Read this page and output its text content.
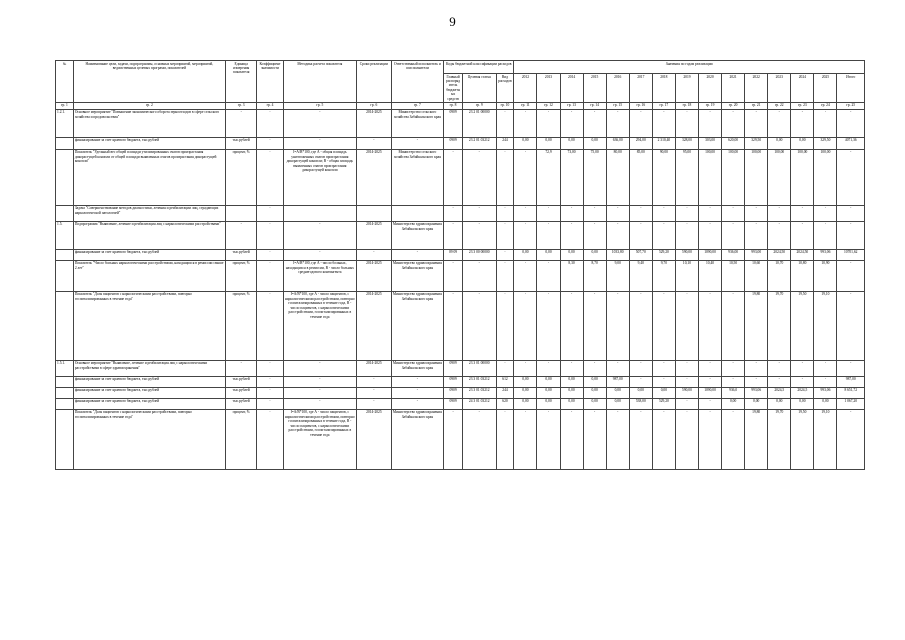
9
№	Наименование цели, задачи, подпрограммы, основных мероприятий, мероприятий, ведомственных целевых программ, показателей	Единица измерения показателя	Коэффициент значимости	Методика расчета показателя	Сроки реализации	Ответственный исполнитель и соисполнители	Коды бюджетной классификации расходов			Значения по годам реализации														
							Главный распорядитель бюджетных средств	Целевая статья	Вид расходов	2012	2013	2014	2015	2016	2017	2018	2019	2020	2021	2022	2023	2024	2025	Итого
гр. 1	гр. 2	гр. 3	гр. 4	гр. 5	гр. 6	гр. 7	гр. 8	гр. 9	гр. 10	гр. 11	гр. 12	гр. 13	гр. 14	гр. 15	гр. 16	гр. 17	гр. 18	гр. 19	гр. 20	гр. 21	гр. 22	гр. 23	гр. 24	гр. 25
1.2.1.	Основное мероприятие "Повышение экономического оборота зерноотходов в сфере сельского хозяйства и продовольствия"	-	-	-	2014-2025	Министерство сельского хозяйства Забайкальского края	0909	23 2 01 00000	-	-	-	-	-	-	-	-	-	-	-	-	-	-	-	-
	финансирование за счет краевого бюджета, тыс.рублей	тыс.рублей	-	-	-	-	0909	23 2 01 03212	244	0,00	0,00	0,00	0,00	636,00	294,00	2 310,40	328,00	303,00	620,00	329,50	0,00	0,00	329,50	4071,36
	Показатель "Удельный вес общей площади утилизированных очагов произрастания дикорастущей конопли от общей площади выявленных очагов произрастания дикорастущей конопли"	процент, %	-	I=А/В*100, где А - общая площадь уничтоженных очагов произрастания дикорастущей конопли; В - общая площадь выявленных очагов произрастания дикорастущей конопли	2014-2025	Министерство сельского хозяйства Забайкальского края	-	-	-	-	72,9	73,00	75,00	80,00	85,00	90,00	95,00	100,00	100,00	100,00	100,00	100,00	100,00	-
	Задача "Совершенствование методов диагностики, лечения и реабилитации лиц, страдающих наркологической патологией"		-				-	-	-	-	-	-	-	-	-	-	-	-	-	-	-	-	-	-
1.5.	Подпрограмма "Выявление, лечение и реабилитация лиц с наркологическими расстройствами"	-	-	-	2014-2025	Министерство здравоохранения Забайкальского края	-	-	-	-	-	-	-	-	-	-	-	-	-	-	-	-	-	-
	финансирование за счет краевого бюджета, тыс.рублей	тыс.рублей	-	-	-	-	09 09	23 3 00 00000	-	0,00	0,00	0,00	0,00	1033,80	507,70	529,20	590,00	1090,00	936,00	993,00	2024,50	2024,50	993,06	10701,62
	Показатель "Число больных наркологическими расстройствами, находящихся в ремиссии свыше 2 лет"	процент, %	-	I=А/В*100, где А - число больных, находящихся в ремиссии, В - число больных среднегодового контингента	2014-2025	Министерство здравоохранения Забайкальского края	-	-	-	-	-	8,30	8,70	9,00	9,40	9,70	10,10	10,40	10,50	10,60	10,70	10,80	10,90	-
	Показатель "Доля пациентов с наркологическими расстройствами, повторно госпитализированных в течение года"	процент, %	-	I=А/В*100, где А - число пациентов, с наркологическими расстройствами, повторно госпитализированных в течение года, В - число пациентов, с наркологическими расстройствами, госпитализированных в течение года	2014-2025	Министерство здравоохранения Забайкальского края	-	-	-	-	-	-	-	-	-	-	-	-	-	19,80	19,70	19,50	19,10	-
1.5.1.	Основное мероприятие "Выявление, лечение и реабилитация лиц с наркологическими расстройствами в сфере здравоохранения"	-	-	-	2014-2025	Министерство здравоохранения Забайкальского края	0909	23 3 01 00000	-	-	-	-	-	-	-	-	-	-	-	-	-	-	-	-
	финансирование за счет краевого бюджета, тыс.рублей	тыс.рублей	-	-	-	-	0909	23 3 01 03212	612	0,00	0,00	0,00	0,00	987,00	-	-	-	-	-	-	-	-	-	987,00
	финансирование за счет краевого бюджета, тыс.рублей	тыс.рублей	-	-	-	-	0909	23 3 01 03212	244	0,00	0,00	0,00	0,00	0,00	0,00	0,00	590,00	1090,00	936,0	993,06	2024,5	2024,5	993,06	8 651,72
	финансирование за счет краевого бюджета, тыс.рублей	тыс.рублей	-	-	-	-	0909	24 3 01 03212	620	0,00	0,00	0,00	0,00	0,00	538,00	529,20	-	-	0,00	0,00	0,00	0,00	0,00	1 067,20
	Показатель "Доля пациентов с наркологическими расстройствами, повторно госпитализированных в течение года"	процент, %	-	I=А/В*100, где А - число пациентов, с наркологическими расстройствами, повторно госпитализированных в течение года, В - число пациентов, с наркологическими расстройствами, госпитализированных в течение года	2014-2025	Министерство здравоохранения Забайкальского края	-	-	-	-	-	-	-	-	-	-	-	-	-	19,80	19,70	19,50	19,10	-
